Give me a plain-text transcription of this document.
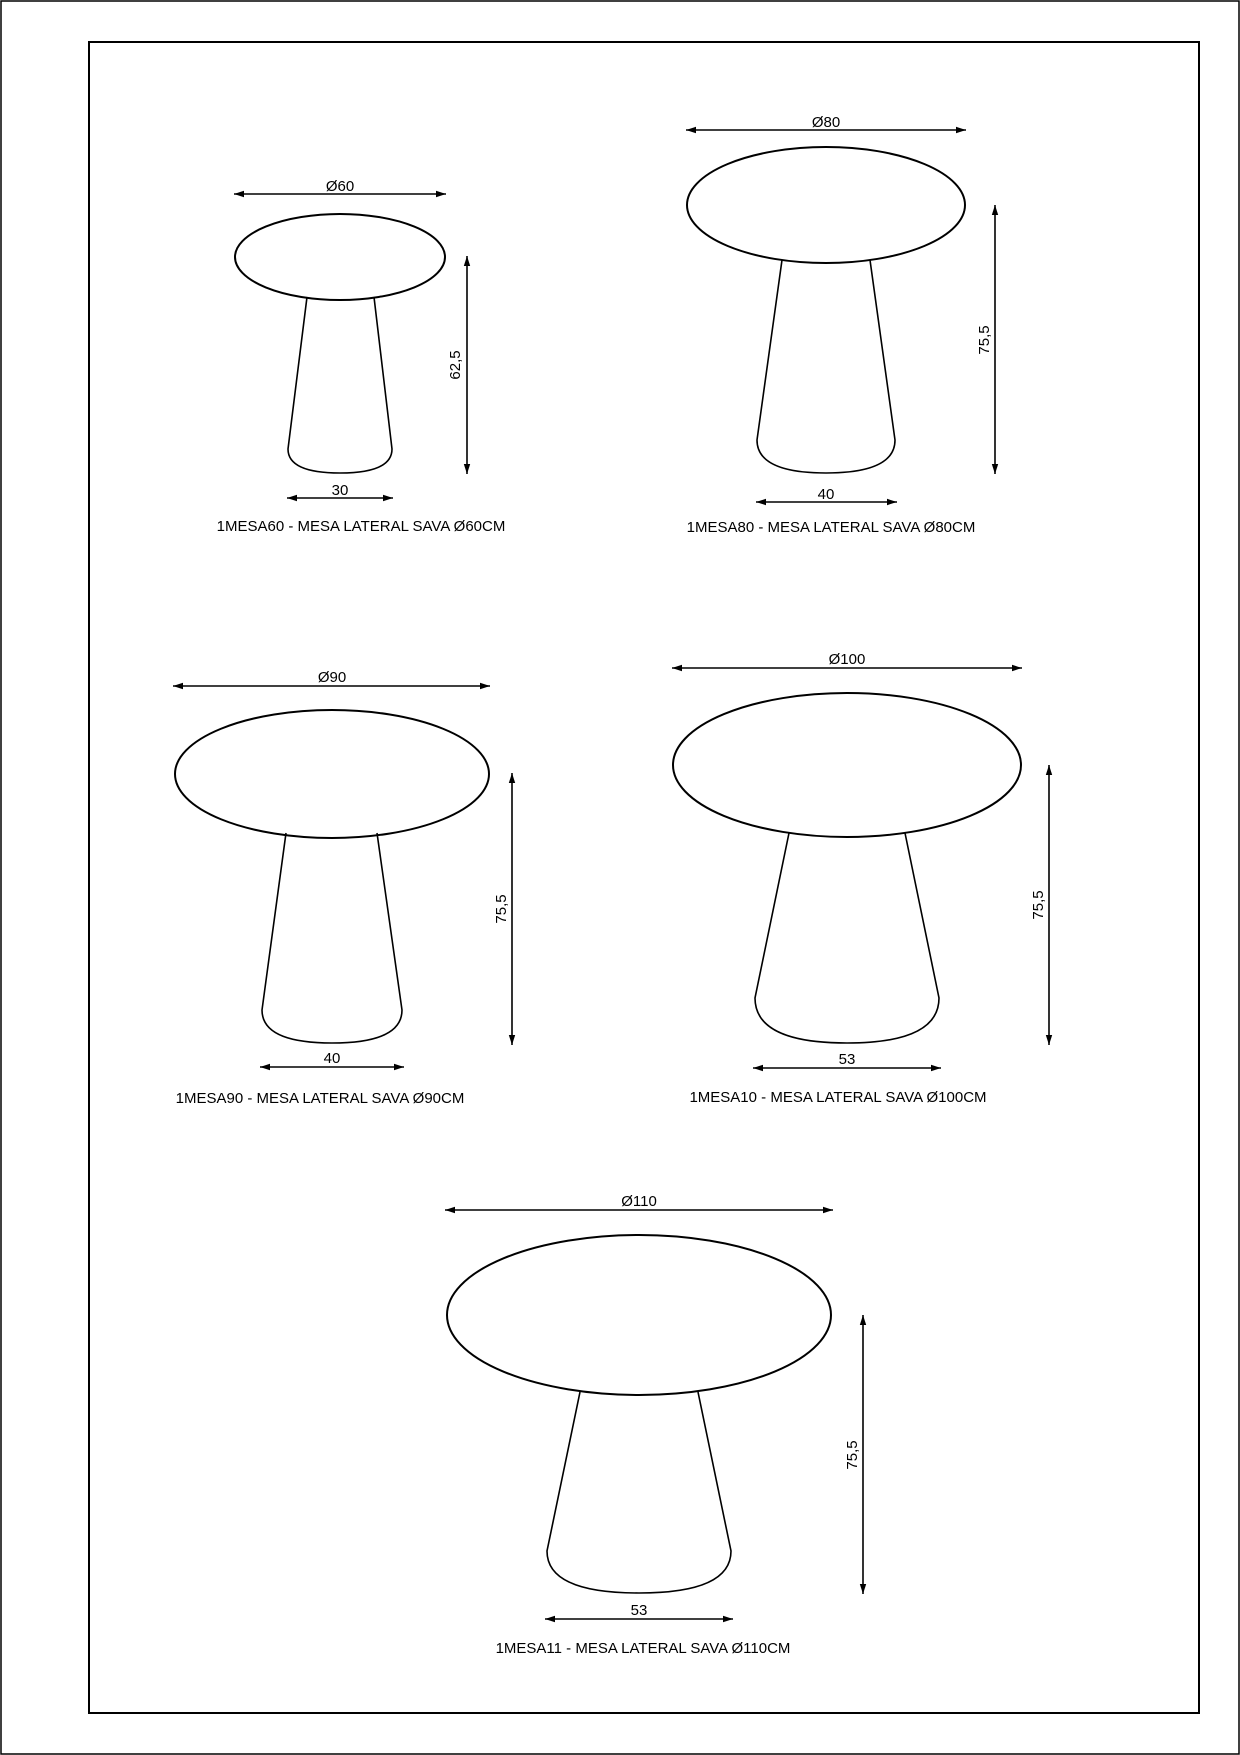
Ø60
62,5
30
1MESA60 - MESA LATERAL SAVA Ø60CM
Ø80
75,5
40
1MESA80 - MESA LATERAL SAVA Ø80CM
Ø90
75,5
40
1MESA90 - MESA LATERAL SAVA Ø90CM
Ø100
75,5
53
1MESA10 - MESA LATERAL SAVA Ø100CM
Ø110
75,5
53
1MESA11 - MESA LATERAL SAVA Ø110CM
